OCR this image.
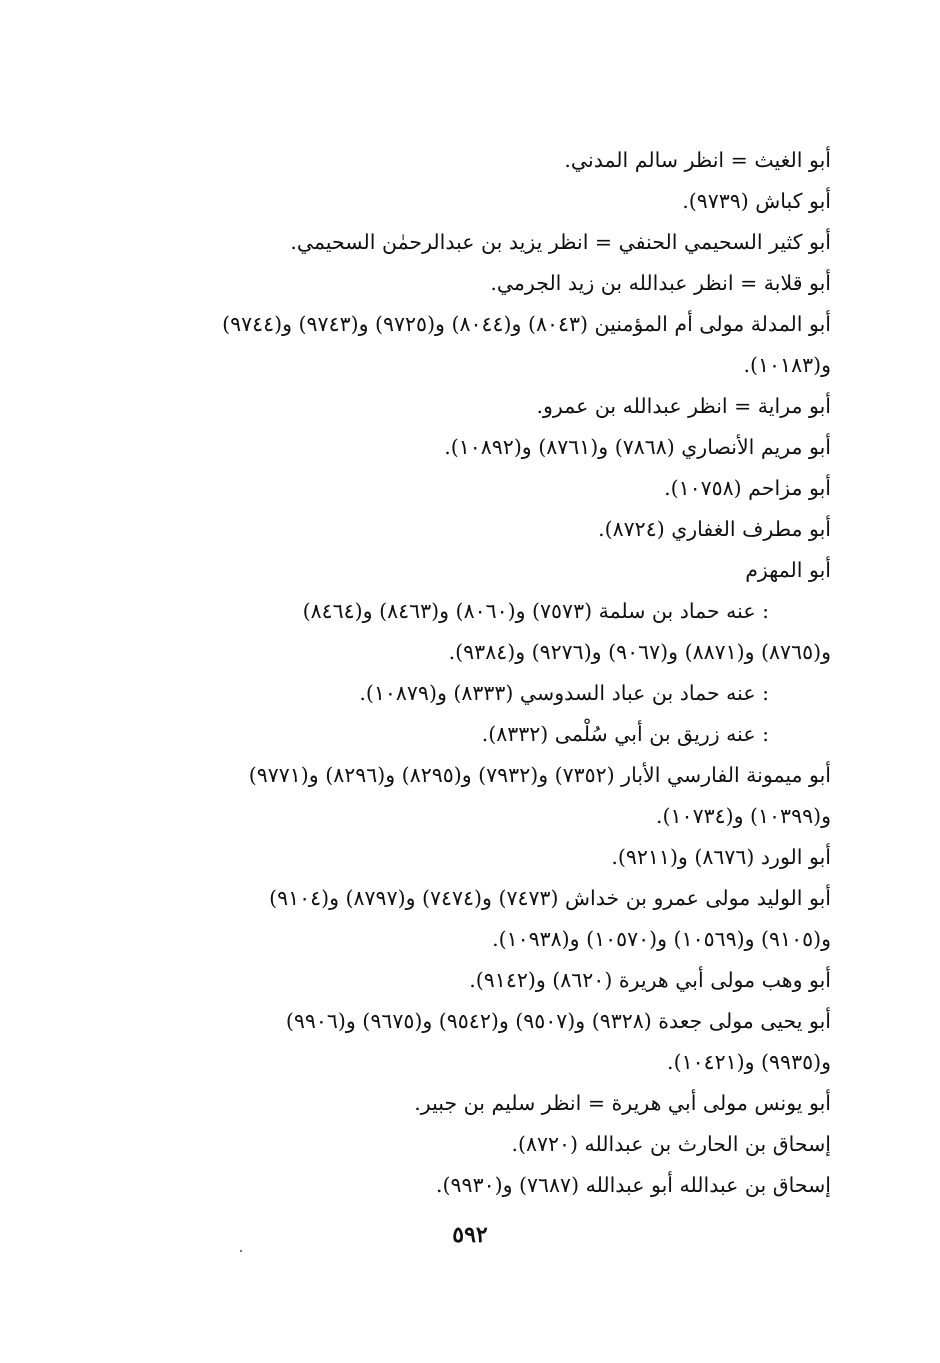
أبو الغيث = انظر سالم المدني.
أبو كباش (٩٧٣٩).
أبو كثير السحيمي الحنفي = انظر يزيد بن عبدالرحمٰن السحيمي.
أبو قلابة = انظر عبدالله بن زيد الجرمي.
أبو المدلة مولى أم المؤمنين (٨٠٤٣) و(٨٠٤٤) و(٩٧٢٥) و(٩٧٤٣) و(٩٧٤٤)
و(١٠١٨٣).
أبو مراية = انظر عبدالله بن عمرو.
أبو مريم الأنصاري (٧٨٦٨) و(٨٧٦١) و(١٠٨٩٢).
أبو مزاحم (١٠٧٥٨).
أبو مطرف الغفاري (٨٧٢٤).
أبو المهزم
: عنه حماد بن سلمة (٧٥٧٣) و(٨٠٦٠) و(٨٤٦٣) و(٨٤٦٤)
و(٨٧٦٥) و(٨٨٧١) و(٩٠٦٧) و(٩٢٧٦) و(٩٣٨٤).
: عنه حماد بن عباد السدوسي (٨٣٣٣) و(١٠٨٧٩).
: عنه زريق بن أبي سُلْمى (٨٣٣٢).
أبو ميمونة الفارسي الأبار (٧٣٥٢) و(٧٩٣٢) و(٨٢٩٥) و(٨٢٩٦) و(٩٧٧١)
و(١٠٣٩٩) و(١٠٧٣٤).
أبو الورد (٨٦٧٦) و(٩٢١١).
أبو الوليد مولى عمرو بن خداش (٧٤٧٣) و(٧٤٧٤) و(٨٧٩٧) و(٩١٠٤)
و(٩١٠٥) و(١٠٥٦٩) و(١٠٥٧٠) و(١٠٩٣٨).
أبو وهب مولى أبي هريرة (٨٦٢٠) و(٩١٤٢).
أبو يحيى مولى جعدة (٩٣٢٨) و(٩٥٠٧) و(٩٥٤٢) و(٩٦٧٥) و(٩٩٠٦)
و(٩٩٣٥) و(١٠٤٢١).
أبو يونس مولى أبي هريرة = انظر سليم بن جبير.
إسحاق بن الحارث بن عبدالله (٨٧٢٠).
إسحاق بن عبدالله أبو عبدالله (٧٦٨٧) و(٩٩٣٠).
٥٩٢
